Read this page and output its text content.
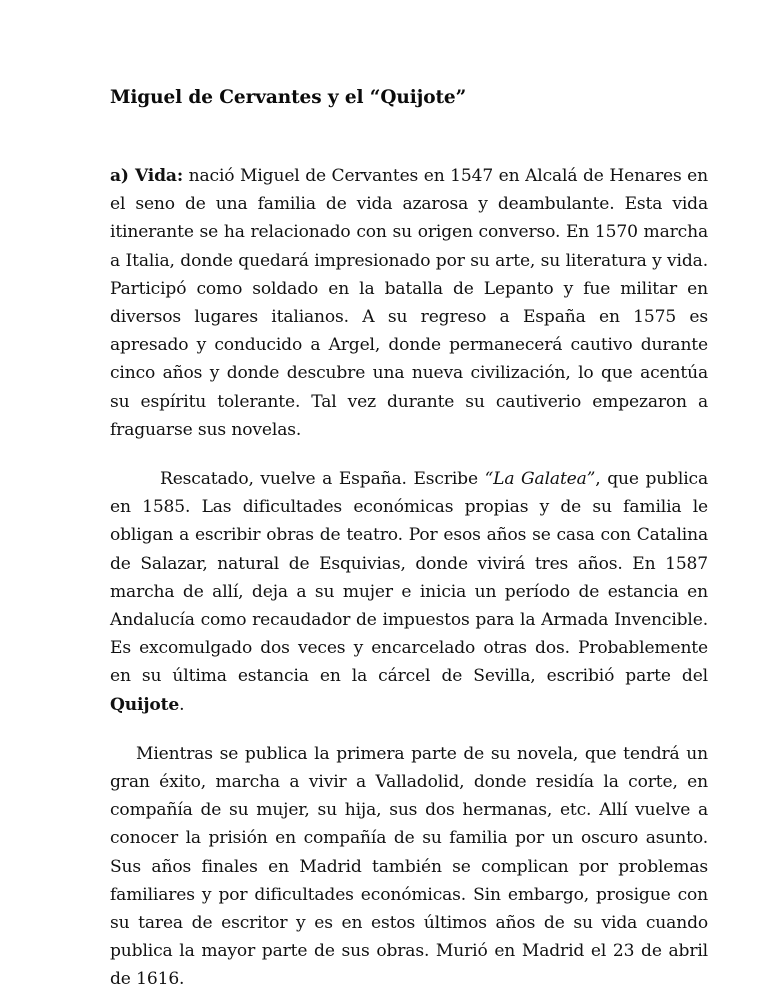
Miguel de Cervantes y el “Quijote”

a) Vida: nació Miguel de Cervantes en 1547 en Alcalá de Henares en el seno de una familia de vida azarosa y deambulante. Esta vida itinerante se ha relacionado con su origen converso. En 1570 marcha a Italia, donde quedará impresionado por su arte, su literatura y vida. Participó como soldado en la batalla de Lepanto y fue militar en diversos lugares italianos. A su regreso a España en 1575 es apresado y conducido a Argel, donde permanecerá cautivo durante cinco años y donde descubre una nueva civilización, lo que acentúa su espíritu tolerante. Tal vez durante su cautiverio empezaron a fraguarse sus novelas.

Rescatado, vuelve a España. Escribe “La Galatea”, que publica en 1585. Las dificultades económicas propias y de su familia le obligan a escribir obras de teatro. Por esos años se casa con Catalina de Salazar, natural de Esquivias, donde vivirá tres años. En 1587 marcha de allí, deja a su mujer e inicia un período de estancia en Andalucía como recaudador de impuestos para la Armada Invencible. Es excomulgado dos veces y encarcelado otras dos. Probablemente en su última estancia en la cárcel de Sevilla, escribió parte del Quijote.

Mientras se publica la primera parte de su novela, que tendrá un gran éxito, marcha a vivir a Valladolid, donde residía la corte, en compañía de su mujer, su hija, sus dos hermanas, etc. Allí vuelve a conocer la prisión en compañía de su familia por un oscuro asunto. Sus años finales en Madrid también se complican por problemas familiares y por dificultades económicas. Sin embargo, prosigue con su tarea de escritor y es en estos últimos años de su vida cuando publica la mayor parte de sus obras. Murió en Madrid el 23 de abril de 1616.
